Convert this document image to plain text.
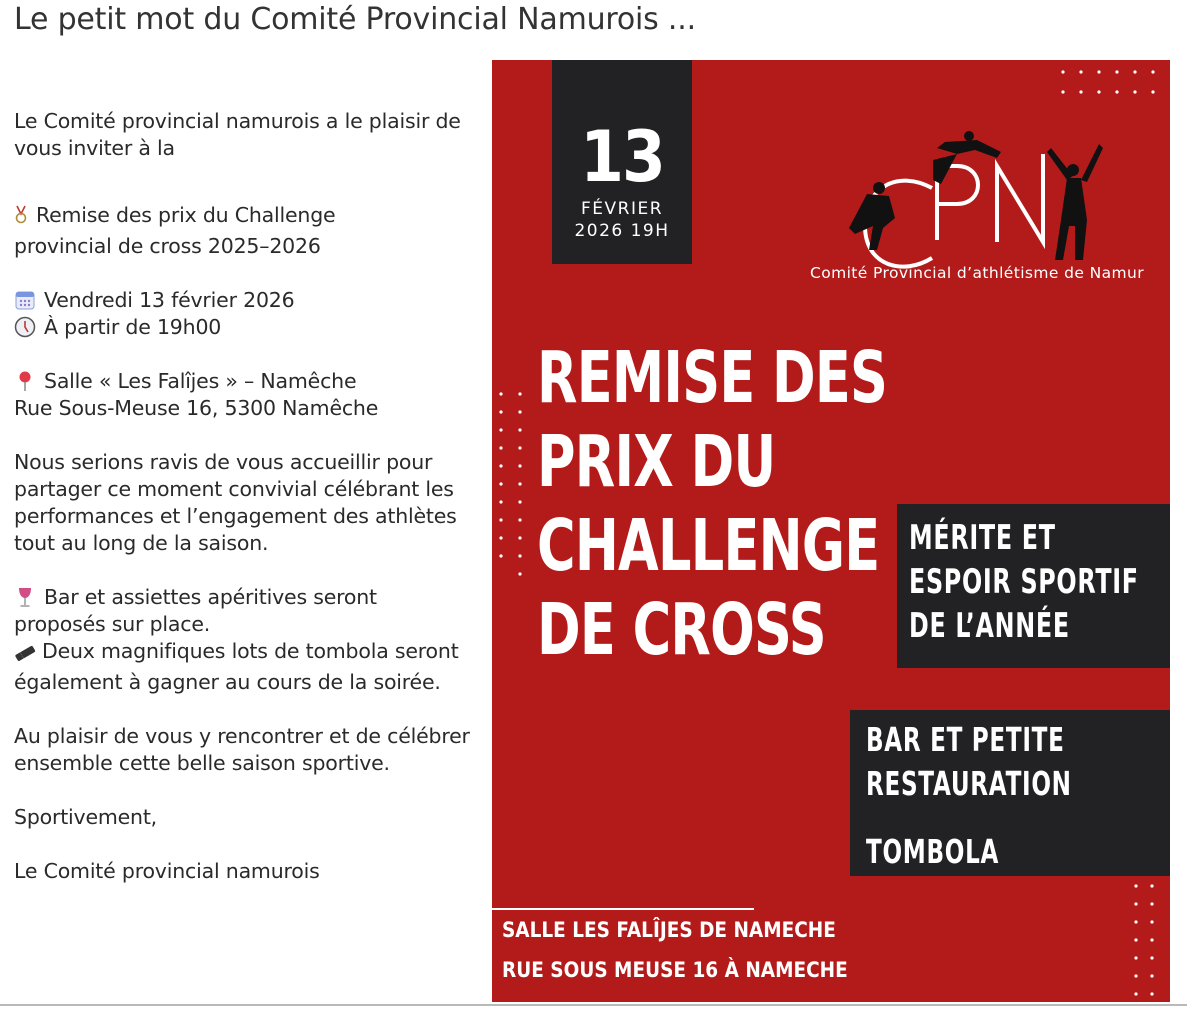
Le petit mot du Comité Provincial Namurois ...

Le Comité provincial namurois a le plaisir de vous inviter à la

Remise des prix du Challenge
provincial de cross 2025–2026

Vendredi 13 février 2026

À partir de 19h00

Salle « Les Falîjes » – Namêche
Rue Sous-Meuse 16, 5300 Namêche

Nous serions ravis de vous accueillir pour partager ce moment convivial célébrant les performances et l’engagement des athlètes tout au long de la saison.

Bar et assiettes apéritives seront
proposés sur place.
Deux magnifiques lots de tombola seront également à gagner au cours de la soirée.

Au plaisir de vous y rencontrer et de célébrer ensemble cette belle saison sportive.

Sportivement,

Le Comité provincial namurois

13
FÉVRIER
2026 19H
Comité Provincial d’athlétisme de Namur
REMISE DES
PRIX DU
CHALLENGE
DE CROSS
MÉRITE ET
ESPOIR SPORTIF
DE L’ANNÉE
BAR ET PETITE
RESTAURATION
TOMBOLA
SALLE LES FALÎJES DE NAMECHE
RUE SOUS MEUSE 16 À NAMECHE
